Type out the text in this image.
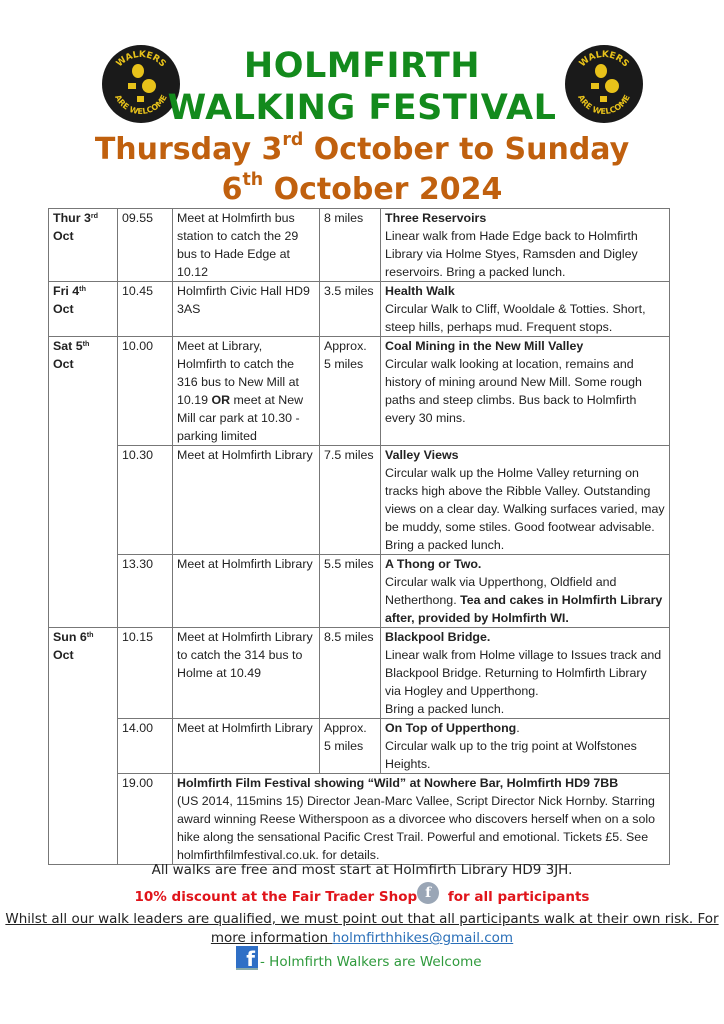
WALKERS
ARE WELCOME
WALKERS
ARE WELCOME
HOLMFIRTH
WALKING FESTIVAL
Thursday 3rd October to Sunday
6th October 2024
Thur 3rd
Oct	09.55	Meet at Holmfirth bus station to catch the 29 bus to Hade Edge at 10.12	8 miles	Three Reservoirs
Linear walk from Hade Edge back to Holmfirth Library via Holme Styes, Ramsden and Digley reservoirs. Bring a packed lunch.
Fri 4th
Oct	10.45	Holmfirth Civic Hall HD9 3AS	3.5 miles	Health Walk
Circular Walk to Cliff, Wooldale & Totties. Short, steep hills, perhaps mud. Frequent stops.
Sat 5th
Oct	10.00	Meet at Library, Holmfirth to catch the 316 bus to New Mill at 10.19 OR meet at New Mill car park at 10.30 - parking limited	Approx. 5 miles	Coal Mining in the New Mill Valley
Circular walk looking at location, remains and history of mining around New Mill. Some rough paths and steep climbs. Bus back to Holmfirth every 30 mins.
	10.30	Meet at Holmfirth Library	7.5 miles	Valley Views
Circular walk up the Holme Valley returning on tracks high above the Ribble Valley. Outstanding views on a clear day. Walking surfaces varied, may be muddy, some stiles. Good footwear advisable. Bring a packed lunch.
	13.30	Meet at Holmfirth Library	5.5 miles	A Thong or Two.
Circular walk via Upperthong, Oldfield and Netherthong. Tea and cakes in Holmfirth Library after, provided by Holmfirth WI.
Sun 6th
Oct	10.15	Meet at Holmfirth Library to catch the 314 bus to Holme at 10.49	8.5 miles	Blackpool Bridge.
Linear walk from Holme village to Issues track and Blackpool Bridge. Returning to Holmfirth Library via Hogley and Upperthong.
Bring a packed lunch.
	14.00	Meet at Holmfirth Library	Approx. 5 miles	On Top of Upperthong.
Circular walk up to the trig point at Wolfstones Heights.
	19.00	Holmfirth Film Festival showing “Wild” at Nowhere Bar, Holmfirth HD9 7BB
(US 2014, 115mins 15) Director Jean-Marc Vallee, Script Director Nick Hornby. Starring award winning Reese Witherspoon as a divorcee who discovers herself when on a solo hike along the sensational Pacific Crest Trail. Powerful and emotional. Tickets £5. See holmfirthfilmfestival.co.uk. for details.		
All walks are free and most start at Holmfirth Library HD9 3JH.
10% discount at the Fair Trader Shop f for all participants
Whilst all our walk leaders are qualified, we must point out that all participants walk at their own risk. For more information holmfirthhikes@gmail.com
f - Holmfirth Walkers are Welcome
